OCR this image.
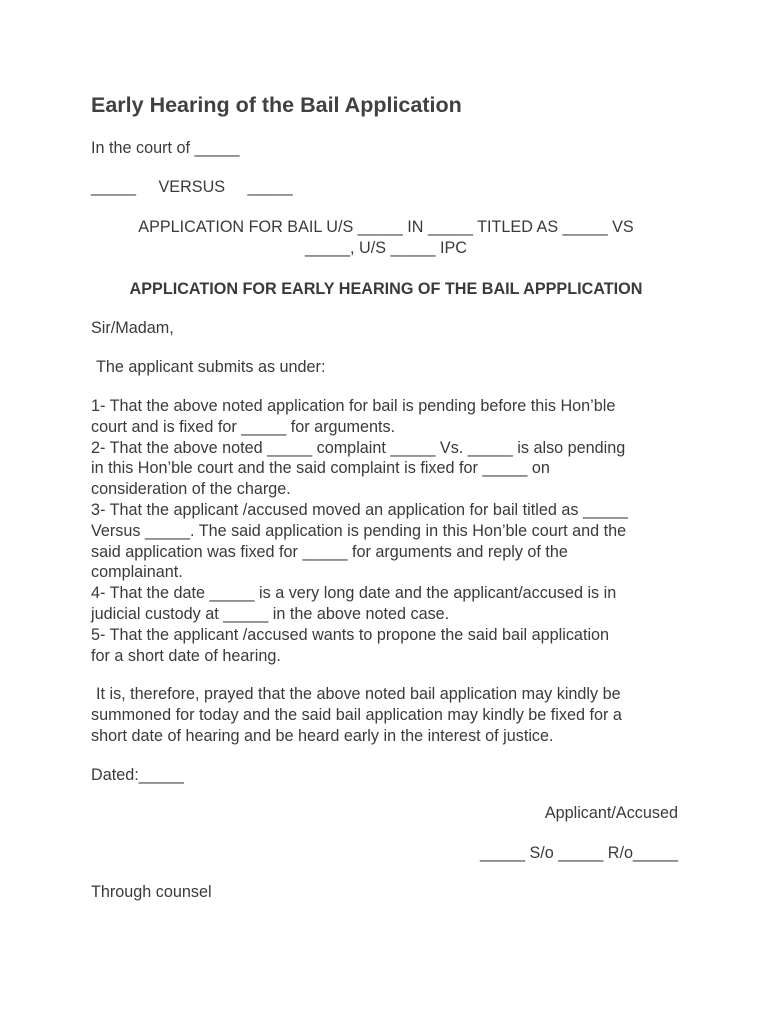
Early Hearing of the Bail Application
In the court of _____
_____     VERSUS     _____
APPLICATION FOR BAIL U/S _____ IN _____ TITLED AS _____ VS
_____, U/S _____ IPC
APPLICATION FOR EARLY HEARING OF THE BAIL APPPLICATION
Sir/Madam,
The applicant submits as under:
1- That the above noted application for bail is pending before this Hon’ble
court and is fixed for _____ for arguments.
2- That the above noted _____ complaint _____ Vs. _____ is also pending
in this Hon’ble court and the said complaint is fixed for _____ on
consideration of the charge.
3- That the applicant /accused moved an application for bail titled as _____
Versus _____. The said application is pending in this Hon’ble court and the
said application was fixed for _____ for arguments and reply of the
complainant.
4- That the date _____ is a very long date and the applicant/accused is in
judicial custody at _____ in the above noted case.
5- That the applicant /accused wants to propone the said bail application
for a short date of hearing.
It is, therefore, prayed that the above noted bail application may kindly be
summoned for today and the said bail application may kindly be fixed for a
short date of hearing and be heard early in the interest of justice.
Dated:_____
Applicant/Accused
_____ S/o _____ R/o_____
Through counsel
